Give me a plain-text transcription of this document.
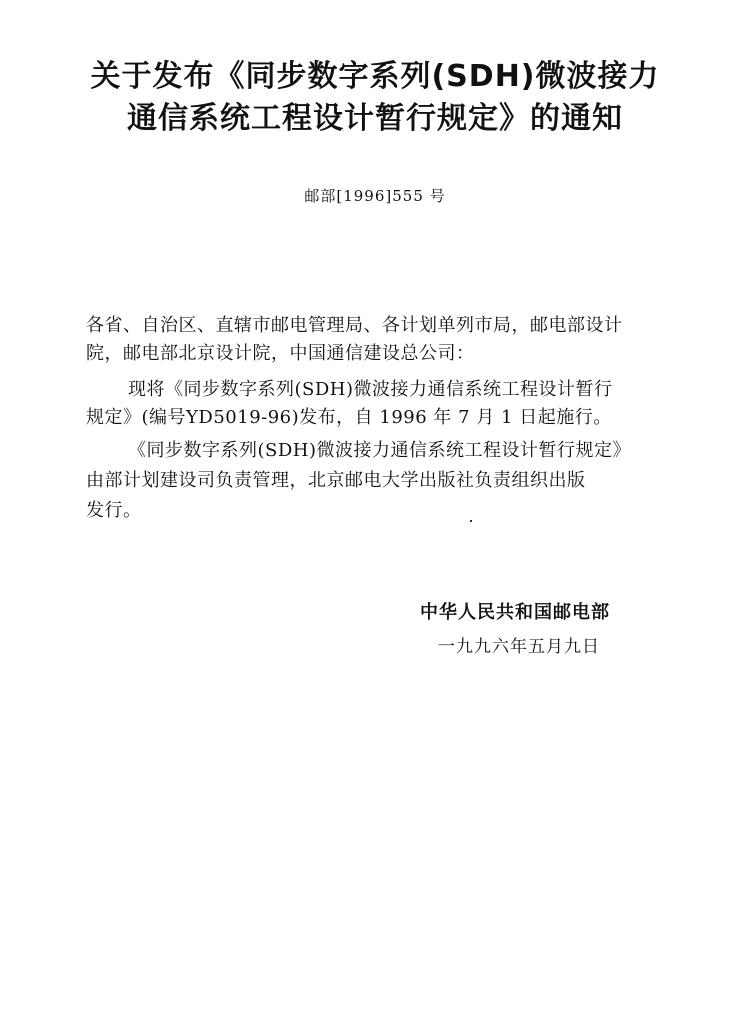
关于发布《同步数字系列(SDH)微波接力
通信系统工程设计暂行规定》的通知
邮部[1996]555 号
各省、自治区、直辖市邮电管理局、各计划单列市局，邮电部设计
院，邮电部北京设计院，中国通信建设总公司：
现将《同步数字系列(SDH)微波接力通信系统工程设计暂行
规定》(编号YD5019-96)发布，自 1996 年 7 月 1 日起施行。
《同步数字系列(SDH)微波接力通信系统工程设计暂行规定》
由部计划建设司负责管理，北京邮电大学出版社负责组织出版
发行。
中华人民共和国邮电部
一九九六年五月九日
